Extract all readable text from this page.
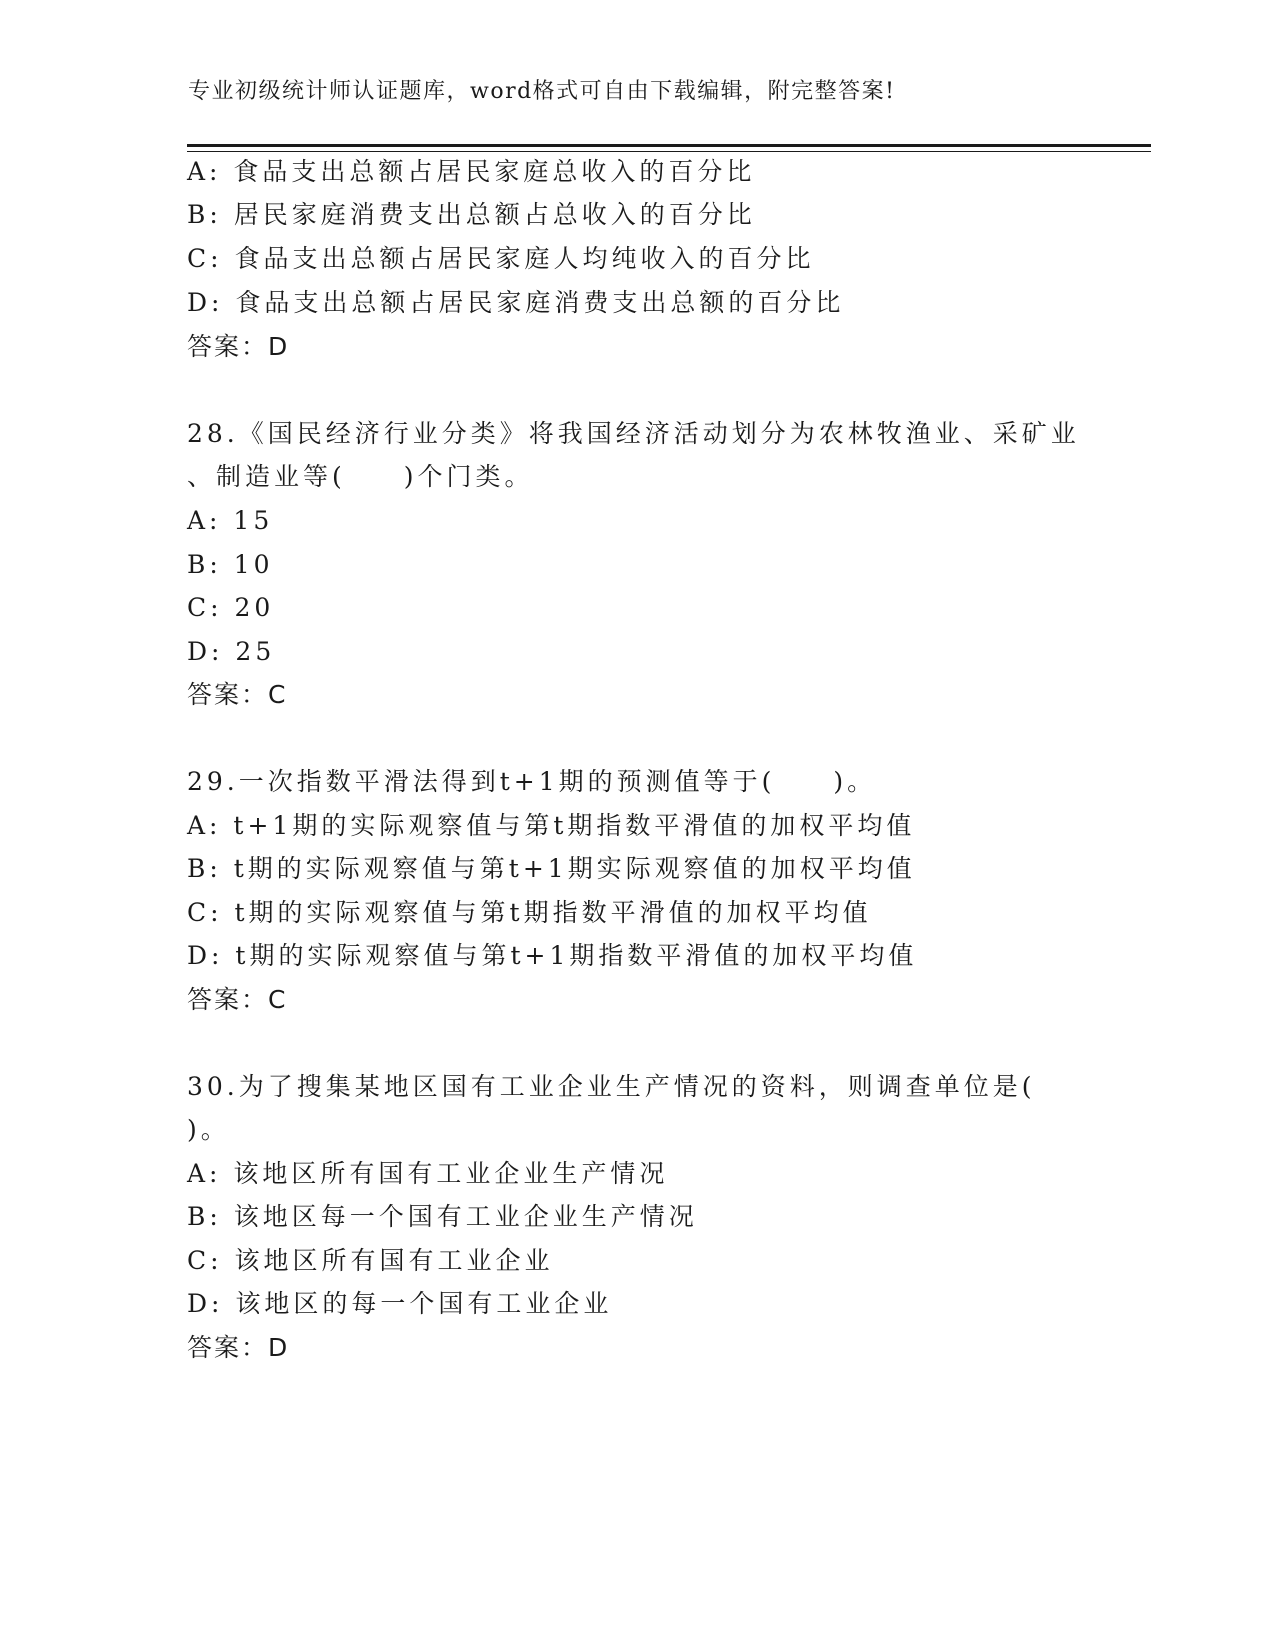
专业初级统计师认证题库，word格式可自由下载编辑，附完整答案!
A: 食品支出总额占居民家庭总收入的百分比
B: 居民家庭消费支出总额占总收入的百分比
C: 食品支出总额占居民家庭人均纯收入的百分比
D: 食品支出总额占居民家庭消费支出总额的百分比
答案：D
28.《国民经济行业分类》将我国经济活动划分为农林牧渔业、采矿业
、制造业等(　　)个门类。
A: 15
B: 10
C: 20
D: 25
答案：C
29.一次指数平滑法得到t+1期的预测值等于(　　)。
A: t+1期的实际观察值与第t期指数平滑值的加权平均值
B: t期的实际观察值与第t+1期实际观察值的加权平均值
C: t期的实际观察值与第t期指数平滑值的加权平均值
D: t期的实际观察值与第t+1期指数平滑值的加权平均值
答案：C
30.为了搜集某地区国有工业企业生产情况的资料，则调查单位是(
)。
A: 该地区所有国有工业企业生产情况
B: 该地区每一个国有工业企业生产情况
C: 该地区所有国有工业企业
D: 该地区的每一个国有工业企业
答案：D
